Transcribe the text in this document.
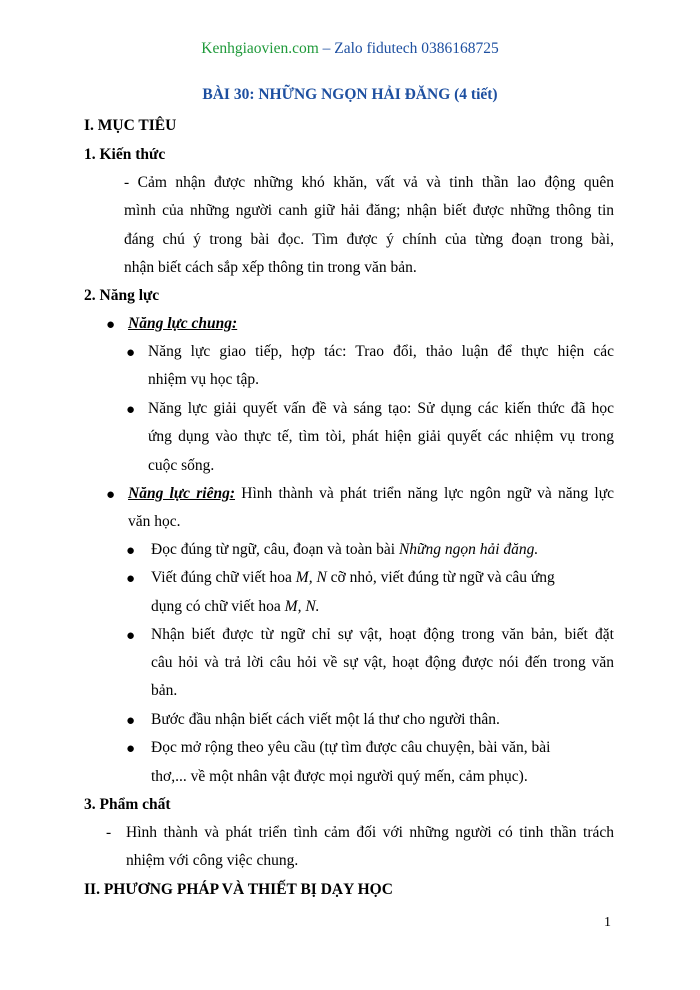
Kenhgiaovien.com – Zalo fidutech 0386168725
BÀI 30: NHỮNG NGỌN HẢI ĐĂNG (4 tiết)
I. MỤC TIÊU
1. Kiến thức
- Cảm nhận được những khó khăn, vất vả và tinh thần lao động quên
mình của những người canh giữ hải đăng; nhận biết được những thông tin
đáng chú ý trong bài đọc. Tìm được ý chính của từng đoạn trong bài,
nhận biết cách sắp xếp thông tin trong văn bản.
2. Năng lực
● Năng lực chung:
● Năng lực giao tiếp, hợp tác: Trao đổi, thảo luận để thực hiện các
nhiệm vụ học tập.
● Năng lực giải quyết vấn đề và sáng tạo: Sử dụng các kiến thức đã học
ứng dụng vào thực tế, tìm tòi, phát hiện giải quyết các nhiệm vụ trong
cuộc sống.
● Năng lực riêng: Hình thành và phát triển năng lực ngôn ngữ và năng lực
văn học.
● Đọc đúng từ ngữ, câu, đoạn và toàn bài Những ngọn hải đăng.
● Viết đúng chữ viết hoa M, N cỡ nhỏ, viết đúng từ ngữ và câu ứng
dụng có chữ viết hoa M, N.
● Nhận biết được từ ngữ chỉ sự vật, hoạt động trong văn bản, biết đặt
câu hỏi và trả lời câu hỏi về sự vật, hoạt động được nói đến trong văn
bản.
● Bước đầu nhận biết cách viết một lá thư cho người thân.
● Đọc mở rộng theo yêu cầu (tự tìm được câu chuyện, bài văn, bài
thơ,... về một nhân vật được mọi người quý mến, cảm phục).
3. Phẩm chất
- Hình thành và phát triển tình cảm đối với những người có tinh thần trách
nhiệm với công việc chung.
II. PHƯƠNG PHÁP VÀ THIẾT BỊ DẠY HỌC
1
